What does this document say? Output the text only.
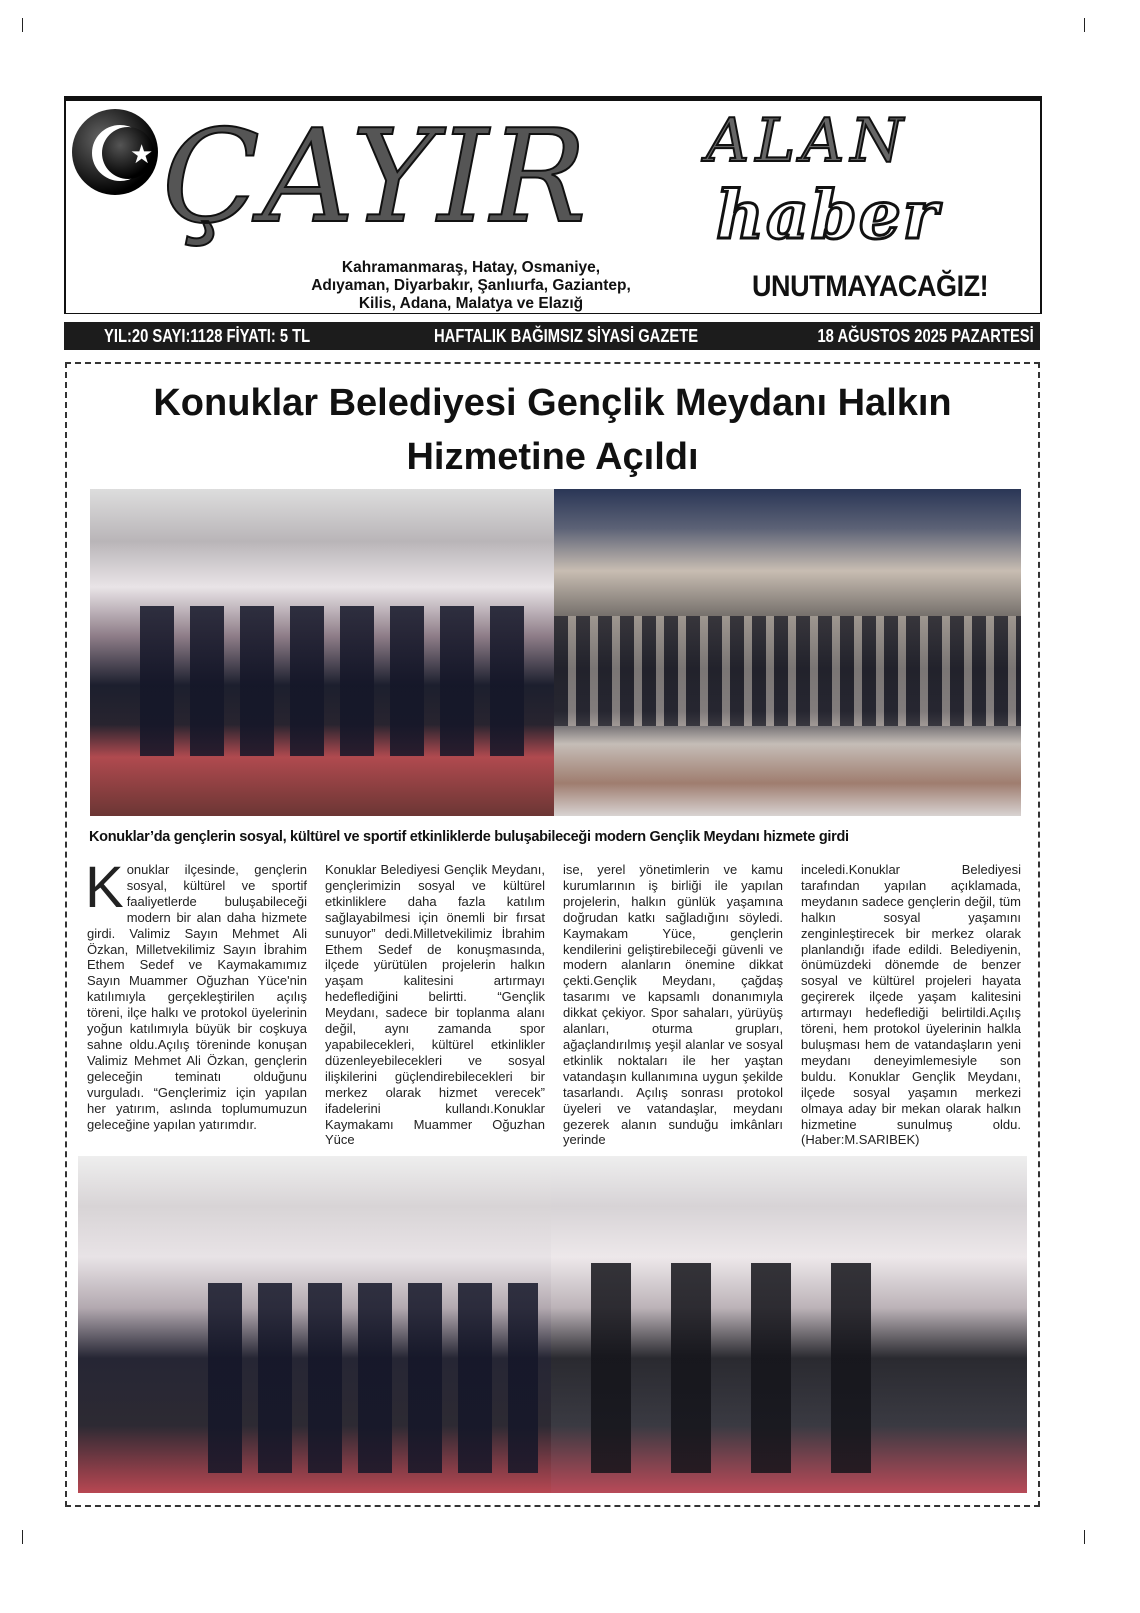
★ ÇAYIR ALAN
haber
Kahramanmaraş, Hatay, Osmaniye,
Adıyaman, Diyarbakır, Şanlıurfa, Gaziantep,
Kilis, Adana, Malatya ve Elazığ
UNUTMAYACAĞIZ!
YIL:20 SAYI:1128 FİYATI: 5 TL	HAFTALIK BAĞIMSIZ SİYASİ GAZETE	18 AĞUSTOS 2025 PAZARTESİ
Konuklar Belediyesi Gençlik Meydanı Halkın
Hizmetine Açıldı
Konuklar’da gençlerin sosyal, kültürel ve sportif etkinliklerde buluşabileceği modern Gençlik Meydanı hizmete girdi
Konuklar ilçesinde, gençlerin sosyal, kültürel ve sportif faaliyetlerde buluşabileceği modern bir alan daha hizmete girdi. Valimiz Sayın Mehmet Ali Özkan, Milletvekilimiz Sayın İbrahim Ethem Sedef ve Kaymakamımız Sayın Muammer Oğuzhan Yüce'nin katılımıyla gerçekleştirilen açılış töreni, ilçe halkı ve protokol üyelerinin yoğun katılımıyla büyük bir coşkuya sahne oldu.Açılış töreninde konuşan Valimiz Mehmet Ali Özkan, gençlerin geleceğin teminatı olduğunu vurguladı. “Gençlerimiz için yapılan her yatırım, aslında toplumumuzun geleceğine yapılan yatırımdır.
Konuklar Belediyesi Gençlik Meydanı, gençlerimizin sosyal ve kültürel etkinliklere daha fazla katılım sağlayabilmesi için önemli bir fırsat sunuyor” dedi.Milletvekilimiz İbrahim Ethem Sedef de konuşmasında, ilçede yürütülen projelerin halkın yaşam kalitesini artırmayı hedeflediğini belirtti. “Gençlik Meydanı, sadece bir toplanma alanı değil, aynı zamanda spor yapabilecekleri, kültürel etkinlikler düzenleyebilecekleri ve sosyal ilişkilerini güçlendirebilecekleri bir merkez olarak hizmet verecek” ifadelerini kullandı.Konuklar Kaymakamı Muammer Oğuzhan Yüce
ise, yerel yönetimlerin ve kamu kurumlarının iş birliği ile yapılan projelerin, halkın günlük yaşamına doğrudan katkı sağladığını söyledi. Kaymakam Yüce, gençlerin kendilerini geliştirebileceği güvenli ve modern alanların önemine dikkat çekti.Gençlik Meydanı, çağdaş tasarımı ve kapsamlı donanımıyla dikkat çekiyor. Spor sahaları, yürüyüş alanları, oturma grupları, ağaçlandırılmış yeşil alanlar ve sosyal etkinlik noktaları ile her yaştan vatandaşın kullanımına uygun şekilde tasarlandı. Açılış sonrası protokol üyeleri ve vatandaşlar, meydanı gezerek alanın sunduğu imkânları yerinde
inceledi.Konuklar Belediyesi tarafından yapılan açıklamada, meydanın sadece gençlerin değil, tüm halkın sosyal yaşamını zenginleştirecek bir merkez olarak planlandığı ifade edildi. Belediyenin, önümüzdeki dönemde de benzer sosyal ve kültürel projeleri hayata geçirerek ilçede yaşam kalitesini artırmayı hedeflediği belirtildi.Açılış töreni, hem protokol üyelerinin halkla buluşması hem de vatandaşların yeni meydanı deneyimlemesiyle son buldu. Konuklar Gençlik Meydanı, ilçede sosyal yaşamın merkezi olmaya aday bir mekan olarak halkın hizmetine sunulmuş oldu.(Haber:M.SARIBEK)
